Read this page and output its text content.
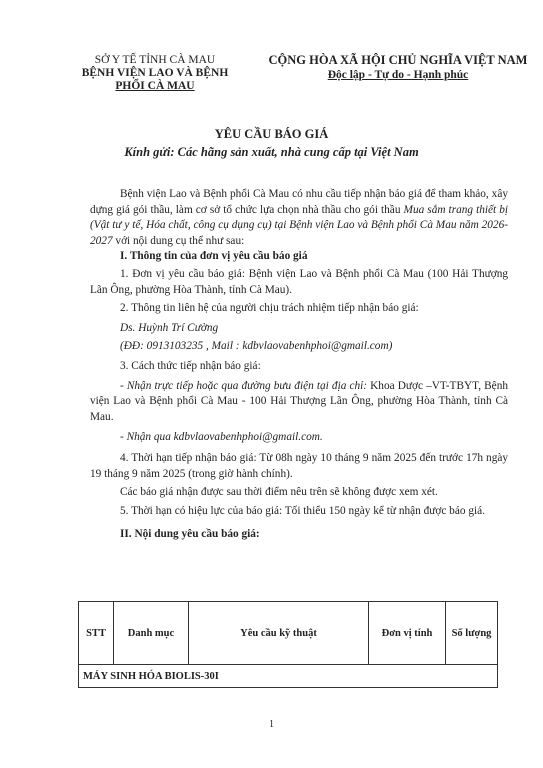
SỞ Y TẾ TỈNH CÀ MAU
BỆNH VIỆN LAO VÀ BỆNH
PHỔI CÀ MAU
CỘNG HÒA XÃ HỘI CHỦ NGHĨA VIỆT NAM
Độc lập - Tự do - Hạnh phúc
YÊU CẦU BÁO GIÁ
Kính gửi: Các hãng sản xuất, nhà cung cấp tại Việt Nam

Bệnh viện Lao và Bệnh phổi Cà Mau có nhu cầu tiếp nhận báo giá để tham khảo, xây dựng giá gói thầu, làm cơ sở tổ chức lựa chọn nhà thầu cho gói thầu Mua sắm trang thiết bị (Vật tư y tế, Hóa chất, công cụ dụng cụ) tại Bệnh viện Lao và Bệnh phổi Cà Mau năm 2026-2027 với nội dung cụ thể như sau:

I. Thông tin của đơn vị yêu cầu báo giá

1. Đơn vị yêu cầu báo giá: Bệnh viện Lao và Bệnh phổi Cà Mau (100 Hải Thượng Lãn Ông, phường Hòa Thành, tỉnh Cà Mau).

2. Thông tin liên hệ của người chịu trách nhiệm tiếp nhận báo giá:

Ds. Huỳnh Trí Cường

(ĐĐ: 0913103235 , Mail : kdbvlaovabenhphoi@gmail.com)

3. Cách thức tiếp nhận báo giá:

- Nhận trực tiếp hoặc qua đường bưu điện tại địa chỉ: Khoa Dược –VT-TBYT, Bệnh viện Lao và Bệnh phổi Cà Mau - 100 Hải Thượng Lãn Ông, phường Hòa Thành, tỉnh Cà Mau.

- Nhận qua kdbvlaovabenhphoi@gmail.com.

4. Thời hạn tiếp nhận báo giá: Từ 08h ngày 10 tháng 9 năm 2025 đến trước 17h ngày 19 tháng 9 năm 2025 (trong giờ hành chính).

Các báo giá nhận được sau thời điểm nêu trên sẽ không được xem xét.

5. Thời hạn có hiệu lực của báo giá: Tối thiểu 150 ngày kể từ nhận được báo giá.

II. Nội dung yêu cầu báo giá:

STT	Danh mục	Yêu cầu kỹ thuật	Đơn vị tính	Số lượng
MÁY SINH HÓA BIOLIS-30I
1
